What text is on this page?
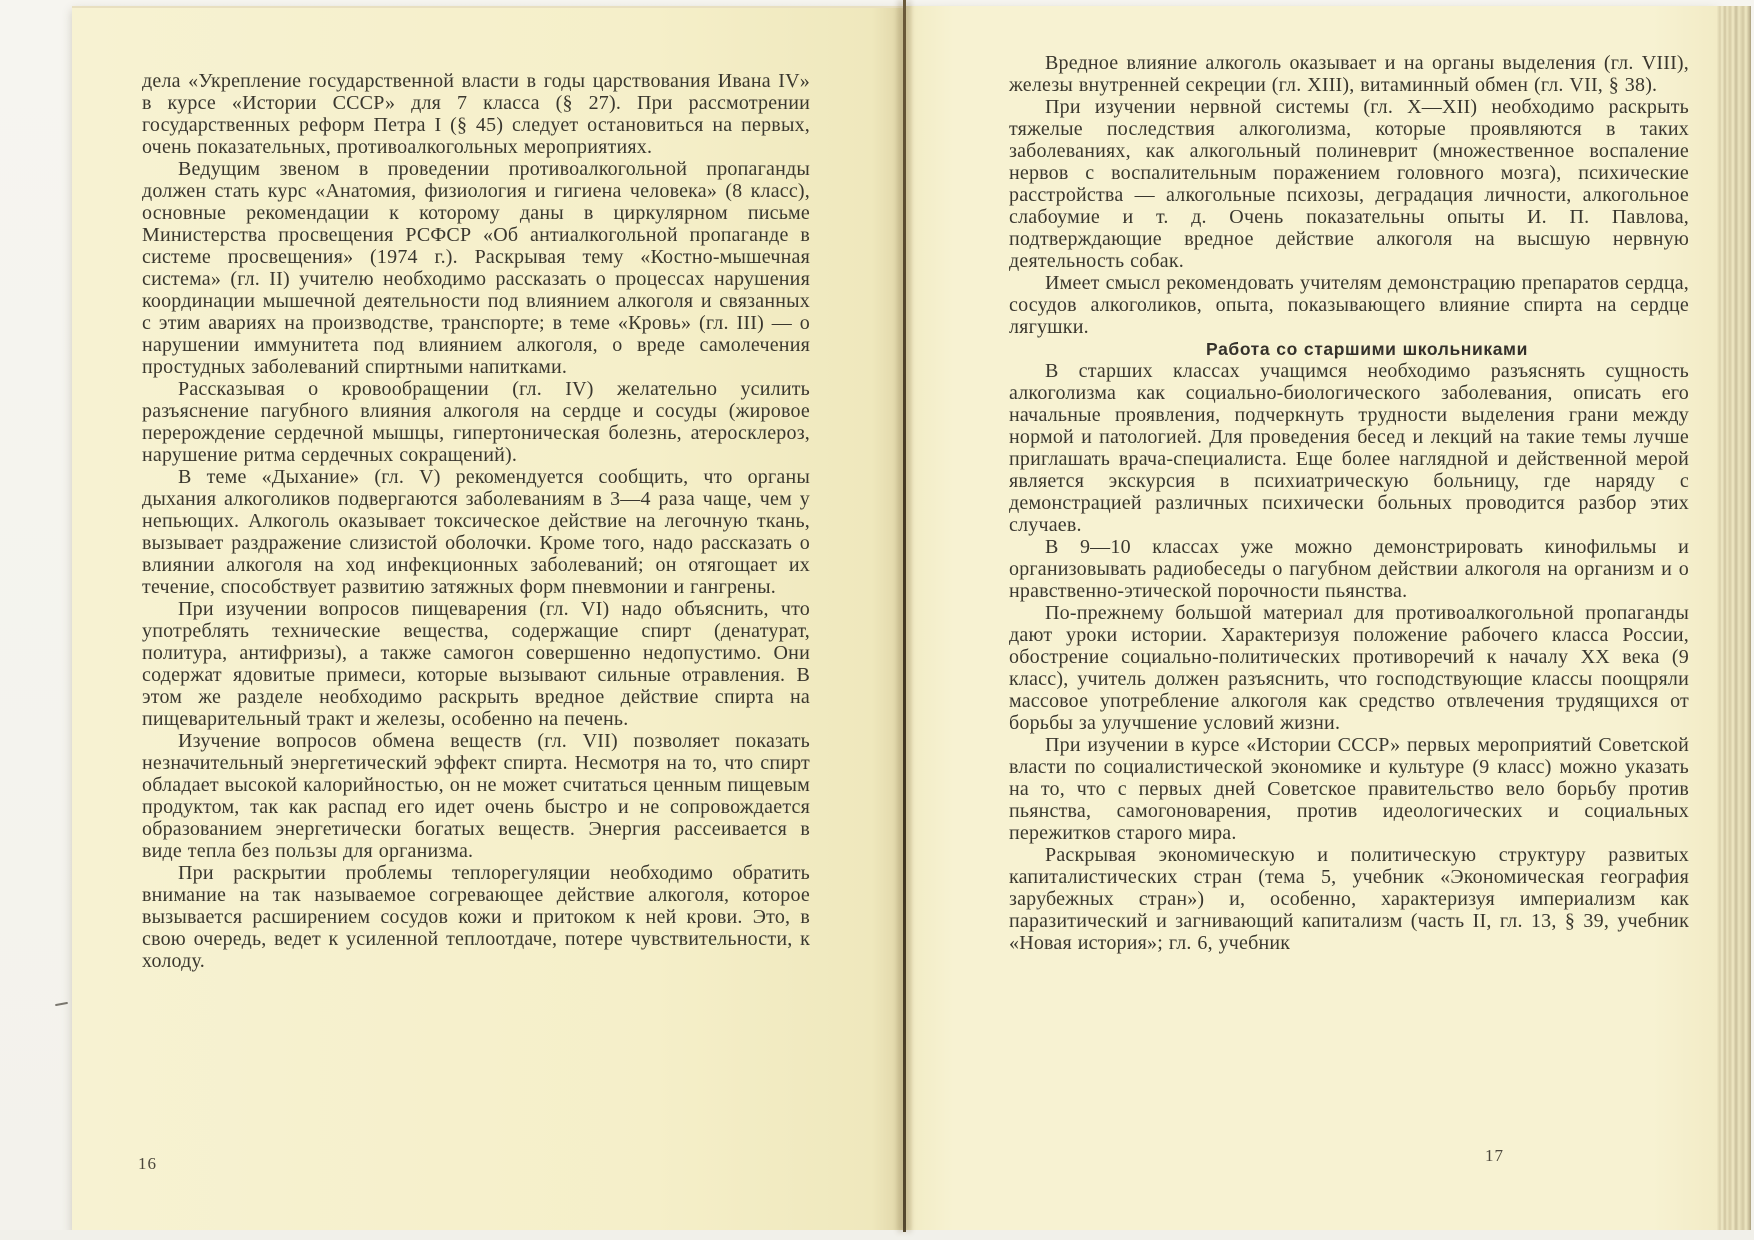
дела «Укрепление государственной власти в годы царствования Ивана IV» в курсе «Истории СССР» для 7 класса (§ 27). При рассмотрении государственных реформ Петра I (§ 45) следует остановиться на первых, очень показательных, противоалкогольных мероприятиях.

Ведущим звеном в проведении противоалкогольной пропаганды должен стать курс «Анатомия, физиология и гигиена человека» (8 класс), основные рекомендации к которому даны в циркулярном письме Министерства просвещения РСФСР «Об антиалкогольной пропаганде в системе просвещения» (1974 г.). Раскрывая тему «Костно-мышечная система» (гл. II) учителю необходимо рассказать о процессах нарушения координации мышечной деятельности под влиянием алкоголя и связанных с этим авариях на производстве, транспорте; в теме «Кровь» (гл. III) — о нарушении иммунитета под влиянием алкоголя, о вреде самолечения простудных заболеваний спиртными напитками.

Рассказывая о кровообращении (гл. IV) желательно усилить разъяснение пагубного влияния алкоголя на сердце и сосуды (жировое перерождение сердечной мышцы, гипертоническая болезнь, атеросклероз, нарушение ритма сердечных сокращений).

В теме «Дыхание» (гл. V) рекомендуется сообщить, что органы дыхания алкоголиков подвергаются заболеваниям в 3—4 раза чаще, чем у непьющих. Алкоголь оказывает токсическое действие на легочную ткань, вызывает раздражение слизистой оболочки. Кроме того, надо рассказать о влиянии алкоголя на ход инфекционных заболеваний; он отягощает их течение, способствует развитию затяжных форм пневмонии и гангрены.

При изучении вопросов пищеварения (гл. VI) надо объяснить, что употреблять технические вещества, содержащие спирт (денатурат, политура, антифризы), а также самогон совершенно недопустимо. Они содержат ядовитые примеси, которые вызывают сильные отравления. В этом же разделе необходимо раскрыть вредное действие спирта на пищеварительный тракт и железы, особенно на печень.

Изучение вопросов обмена веществ (гл. VII) позволяет показать незначительный энергетический эффект спирта. Несмотря на то, что спирт обладает высокой калорийностью, он не может считаться ценным пищевым продуктом, так как распад его идет очень быстро и не сопровождается образованием энергетически богатых веществ. Энергия рассеивается в виде тепла без пользы для организма.

При раскрытии проблемы теплорегуляции необходимо обратить внимание на так называемое согревающее действие алкоголя, которое вызывается расширением сосудов кожи и притоком к ней крови. Это, в свою очередь, ведет к усиленной теплоотдаче, потере чувствительности, к холоду.

16

Вредное влияние алкоголь оказывает и на органы выделения (гл. VIII), железы внутренней секреции (гл. XIII), витаминный обмен (гл. VII, § 38).

При изучении нервной системы (гл. X—XII) необходимо раскрыть тяжелые последствия алкоголизма, которые проявляются в таких заболеваниях, как алкогольный полиневрит (множественное воспаление нервов с воспалительным поражением головного мозга), психические расстройства — алкогольные психозы, деградация личности, алкогольное слабоумие и т. д. Очень показательны опыты И. П. Павлова, подтверждающие вредное действие алкоголя на высшую нервную деятельность собак.

Имеет смысл рекомендовать учителям демонстрацию препаратов сердца, сосудов алкоголиков, опыта, показывающего влияние спирта на сердце лягушки.

Работа со старшими школьниками

В старших классах учащимся необходимо разъяснять сущность алкоголизма как социально-биологического заболевания, описать его начальные проявления, подчеркнуть трудности выделения грани между нормой и патологией. Для проведения бесед и лекций на такие темы лучше приглашать врача-специалиста. Еще более наглядной и действенной мерой является экскурсия в психиатрическую больницу, где наряду с демонстрацией различных психически больных проводится разбор этих случаев.

В 9—10 классах уже можно демонстрировать кинофильмы и организовывать радиобеседы о пагубном действии алкоголя на организм и о нравственно-этической порочности пьянства.

По-прежнему большой материал для противоалкогольной пропаганды дают уроки истории. Характеризуя положение рабочего класса России, обострение социально-политических противоречий к началу XX века (9 класс), учитель должен разъяснить, что господствующие классы поощряли массовое употребление алкоголя как средство отвлечения трудящихся от борьбы за улучшение условий жизни.

При изучении в курсе «Истории СССР» первых мероприятий Советской власти по социалистической экономике и культуре (9 класс) можно указать на то, что с первых дней Советское правительство вело борьбу против пьянства, самогоноварения, против идеологических и социальных пережитков старого мира.

Раскрывая экономическую и политическую структуру развитых капиталистических стран (тема 5, учебник «Экономическая география зарубежных стран») и, особенно, характеризуя империализм как паразитический и загнивающий капитализм (часть II, гл. 13, § 39, учебник «Новая история»; гл. 6, учебник

17
